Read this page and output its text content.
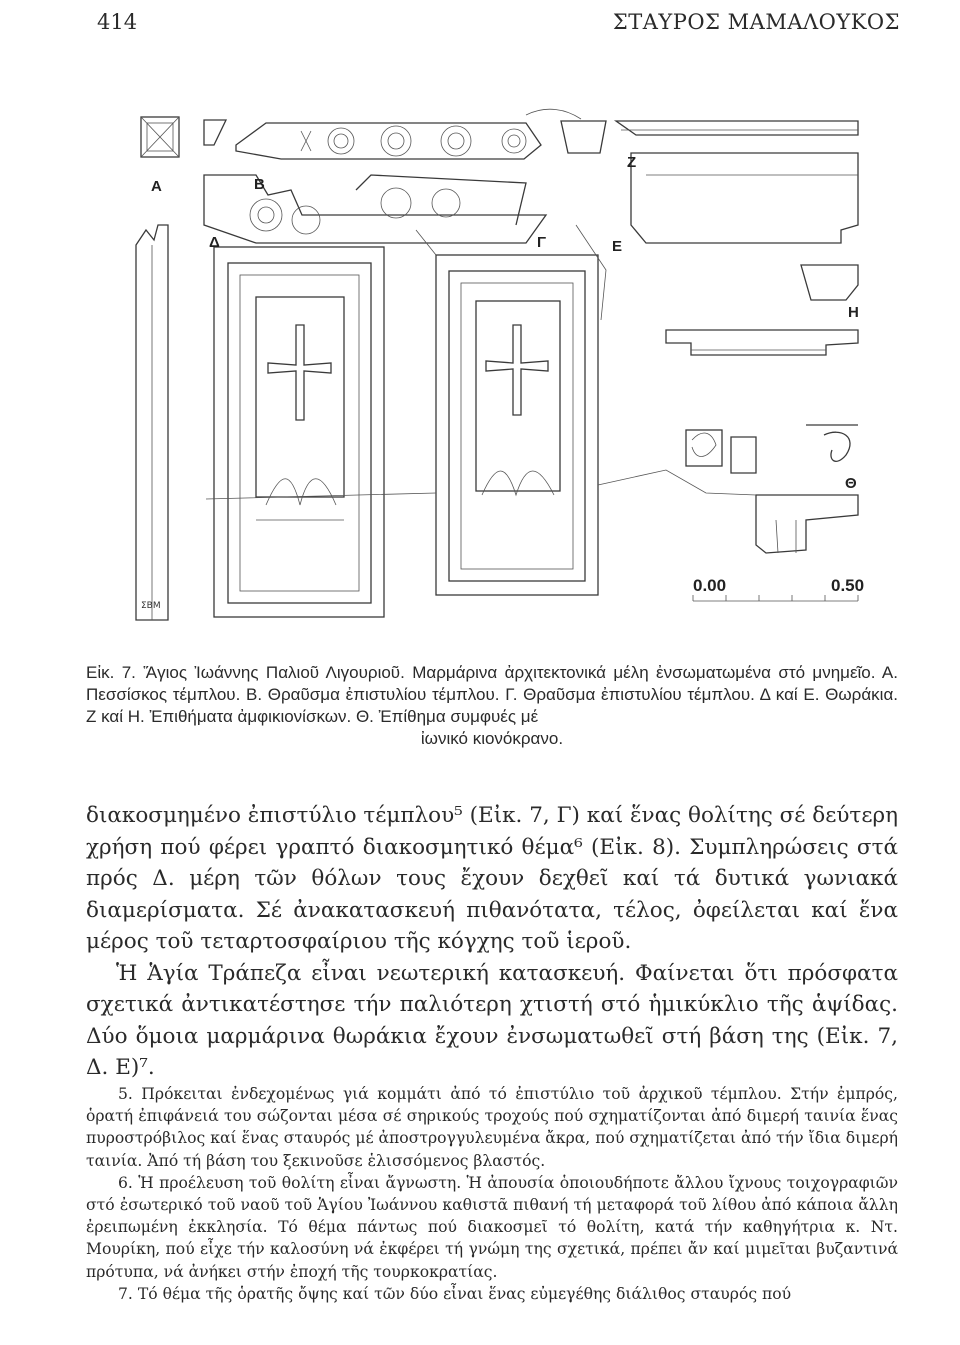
414	ΣΤΑΥΡΟΣ ΜΑΜΑΛΟΥΚΟΣ
A	B
Δ	Γ	E
Z
H
Θ
0.00	0.50
ΣΒΜ
Εἰκ. 7. Ἅγιος Ἰωάννης Παλιοῦ Λιγουριοῦ. Μαρμάρινα ἀρχιτεκτονικά μέλη ἐνσωματωμένα στό μνημεῖο. Α. Πεσσίσκος τέμπλου. Β. Θραῦσμα ἐπιστυλίου τέμπλου. Γ. Θραῦσμα ἐπιστυλίου τέμπλου. Δ καί Ε. Θωράκια. Ζ καί Η. Ἐπιθήματα ἀμφικιονίσκων. Θ. Ἐπίθημα συμφυές μέ
ἰωνικό κιονόκρανο.

διακοσμημένο ἐπιστύλιο τέμπλου⁵ (Εἰκ. 7, Γ) καί ἕνας θολίτης σέ δεύτερη χρήση πού φέρει γραπτό διακοσμητικό θέμα⁶ (Εἰκ. 8). Συμπληρώσεις στά πρός Δ. μέρη τῶν θόλων τους ἔχουν δεχθεῖ καί τά δυτικά γωνιακά διαμερίσματα. Σέ ἀνακατασκευή πιθανότατα, τέλος, ὀφείλεται καί ἕνα μέρος τοῦ τεταρτοσφαίριου τῆς κόγχης τοῦ ἱεροῦ.

Ἡ Ἁγία Τράπεζα εἶναι νεωτερική κατασκευή. Φαίνεται ὅτι πρόσφατα σχετικά ἀντικατέστησε τήν παλιότερη χτιστή στό ἡμικύκλιο τῆς ἁψίδας. Δύο ὅμοια μαρμάρινα θωράκια ἔχουν ἐνσωματωθεῖ στή βάση της (Εἰκ. 7, Δ. Ε)⁷.

5. Πρόκειται ἐνδεχομένως γιά κομμάτι ἀπό τό ἐπιστύλιο τοῦ ἀρχικοῦ τέμπλου. Στήν ἐμπρός, ὁρατή ἐπιφάνειά του σώζονται μέσα σέ σηρικούς τροχούς πού σχηματίζονται ἀπό διμερή ταινία ἕνας πυροστρόβιλος καί ἕνας σταυρός μέ ἀποστρογγυλευμένα ἄκρα, πού σχηματίζεται ἀπό τήν ἴδια διμερή ταινία. Ἀπό τή βάση του ξεκινοῦσε ἑλισσόμενος βλαστός.

6. Ἡ προέλευση τοῦ θολίτη εἶναι ἄγνωστη. Ἡ ἀπουσία ὁποιουδήποτε ἄλλου ἴχνους τοιχογραφιῶν στό ἐσωτερικό τοῦ ναοῦ τοῦ Ἁγίου Ἰωάννου καθιστᾶ πιθανή τή μεταφορά τοῦ λίθου ἀπό κάποια ἄλλη ἐρειπωμένη ἐκκλησία. Τό θέμα πάντως πού διακοσμεῖ τό θολίτη, κατά τήν καθηγήτρια κ. Ντ. Μουρίκη, πού εἶχε τήν καλοσύνη νά ἐκφέρει τή γνώμη της σχετικά, πρέπει ἄν καί μιμεῖται βυζαντινά πρότυπα, νά ἀνήκει στήν ἐποχή τῆς τουρκοκρατίας.

7. Τό θέμα τῆς ὁρατῆς ὄψης καί τῶν δύο εἶναι ἕνας εὐμεγέθης διάλιθος σταυρός πού
